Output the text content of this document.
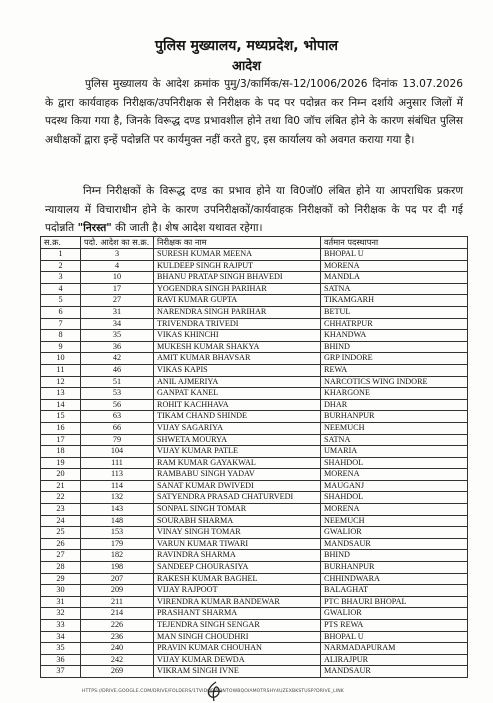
पुलिस मुख्यालय, मध्यप्रदेश, भोपाल
आदेश
पुलिस मुख्यालय के आदेश क्रमांक पुमु/3/कार्मिक/स-12/1006/2026 दिनांक 13.07.2026 के द्वारा कार्यवाहक निरीक्षक/उपनिरीक्षक से निरीक्षक के पद पर पदोन्नत कर निम्न दर्शाये अनुसार जिलों में पदस्थ किया गया है, जिनके विरूद्ध दण्ड प्रभावशील होने तथा वि0 जॉच लंबित होने के कारण संबंधित पुलिस अधीक्षकों द्वारा इन्हें पदोन्नति पर कार्यमुक्त नहीं करते हुए, इस कार्यालय को अवगत कराया गया है।
निम्न निरीक्षकों के विरूद्ध दण्ड का प्रभाव होने या वि0जॉ0 लंबित होने या आपराधिक प्रकरण न्यायालय में विचाराधीन होने के कारण उपनिरीक्षकों/कार्यवाहक निरीक्षकों को निरीक्षक के पद पर दी गई पदोन्नति "निरस्त" की जाती है। शेष आदेश यथावत रहेगा।
स.क्र.	पदो. आदेश का स.क्र.	निरीक्षक का नाम	वर्तमान पदस्थापना
1	3	SURESH KUMAR MEENA	BHOPAL U
2	4	KULDEEP SINGH RAJPUT	MORENA
3	10	BHANU PRATAP SINGH BHAVEDI	MANDLA
4	17	YOGENDRA SINGH PARIHAR	SATNA
5	27	RAVI KUMAR GUPTA	TIKAMGARH
6	31	NARENDRA SINGH PARIHAR	BETUL
7	34	TRIVENDRA TRIVEDI	CHHATRPUR
8	35	VIKAS KHINCHI	KHANDWA
9	36	MUKESH KUMAR SHAKYA	BHIND
10	42	AMIT KUMAR BHAVSAR	GRP INDORE
11	46	VIKAS KAPIS	REWA
12	51	ANIL AJMERIYA	NARCOTICS WING INDORE
13	53	GANPAT KANEL	KHARGONE
14	56	ROHIT KACHHAVA	DHAR
15	63	TIKAM CHAND SHINDE	BURHANPUR
16	66	VIJAY SAGARIYA	NEEMUCH
17	79	SHWETA MOURYA	SATNA
18	104	VIJAY KUMAR PATLE	UMARIA
19	111	RAM KUMAR GAYAKWAL	SHAHDOL
20	113	RAMBABU SINGH YADAV	MORENA
21	114	SANAT KUMAR DWIVEDI	MAUGANJ
22	132	SATYENDRA PRASAD CHATURVEDI	SHAHDOL
23	143	SONPAL SINGH TOMAR	MORENA
24	148	SOURABH SHARMA	NEEMUCH
25	153	VINAY SINGH TOMAR	GWALIOR
26	179	VARUN KUMAR TIWARI	MANDSAUR
27	182	RAVINDRA SHARMA	BHIND
28	198	SANDEEP CHOURASIYA	BURHANPUR
29	207	RAKESH KUMAR BAGHEL	CHHINDWARA
30	209	VIJAY RAJPOOT	BALAGHAT
31	211	VIRENDRA KUMAR BANDEWAR	PTC BHAURI BHOPAL
32	214	PRASHANT SHARMA	GWALIOR
33	226	TEJENDRA SINGH SENGAR	PTS REWA
34	236	MAN SINGH CHOUDHRI	BHOPAL U
35	240	PRAVIN KUMAR CHOUHAN	NARMADAPURAM
36	242	VIJAY KUMAR DEWDA	ALIRAJPUR
37	269	VIKRAM SINGH IVNE	MANDSAUR
HTTPS://DRIVE.GOOGLE.COM/DRIVE/FOLDERS/1TVIDOBWQNTOWBQOIAMOTRSHY4UZEXBKSTUSP?DRIVE_LINK
